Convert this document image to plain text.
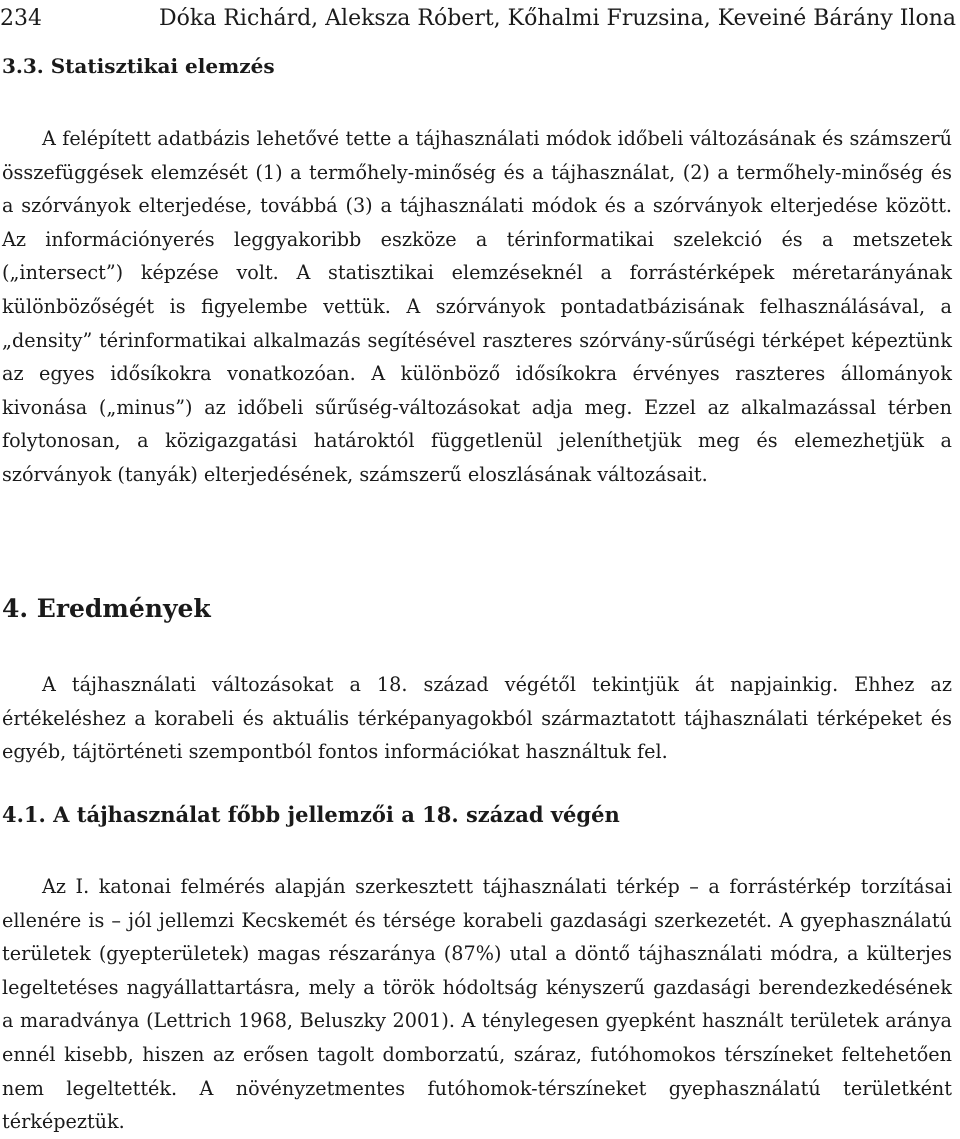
234	Dóka Richárd, Aleksza Róbert, Kőhalmi Fruzsina, Keveiné Bárány Ilona
3.3. Statisztikai elemzés

A felépített adatbázis lehetővé tette a tájhasználati módok időbeli változásának és számszerű összefüggések elemzését (1) a termőhely-minőség és a tájhasználat, (2) a termőhely-minőség és a szórványok elterjedése, továbbá (3) a tájhasználati módok és a szórványok elterjedése között. Az információnyerés leggyakoribb eszköze a térinformatikai szelekció és a metszetek („intersect”) képzése volt. A statisztikai elemzéseknél a forrástérképek méretarányának különbözőségét is figyelembe vettük. A szórványok pontadatbázisának felhasználásával, a „density” térinformatikai alkalmazás segítésével raszteres szórvány-sűrűségi térképet képeztünk az egyes idősíkokra vonatkozóan. A különböző idősíkokra érvényes raszteres állományok kivonása („minus”) az időbeli sűrűség-változásokat adja meg. Ezzel az alkalmazással térben folytonosan, a közigazgatási határoktól függetlenül jeleníthetjük meg és elemezhetjük a szórványok (tanyák) elterjedésének, számszerű eloszlásának változásait.

4. Eredmények

A tájhasználati változásokat a 18. század végétől tekintjük át napjainkig. Ehhez az értékeléshez a korabeli és aktuális térképanyagokból származtatott tájhasználati térképeket és egyéb, tájtörténeti szempontból fontos információkat használtuk fel.

4.1. A tájhasználat főbb jellemzői a 18. század végén

Az I. katonai felmérés alapján szerkesztett tájhasználati térkép – a forrástérkép torzításai ellenére is – jól jellemzi Kecskemét és térsége korabeli gazdasági szerkezetét. A gyephasználatú területek (gyepterületek) magas részaránya (87%) utal a döntő tájhasználati módra, a külterjes legeltetéses nagyállattartásra, mely a török hódoltság kényszerű gazdasági berendezkedésének a maradványa (Lettrich 1968, Beluszky 2001). A ténylegesen gyepként használt területek aránya ennél kisebb, hiszen az erősen tagolt domborzatú, száraz, futóhomokos térszíneket feltehetően nem legeltették. A növényzetmentes futóhomok-térszíneket gyephasználatú területként térképeztük.
